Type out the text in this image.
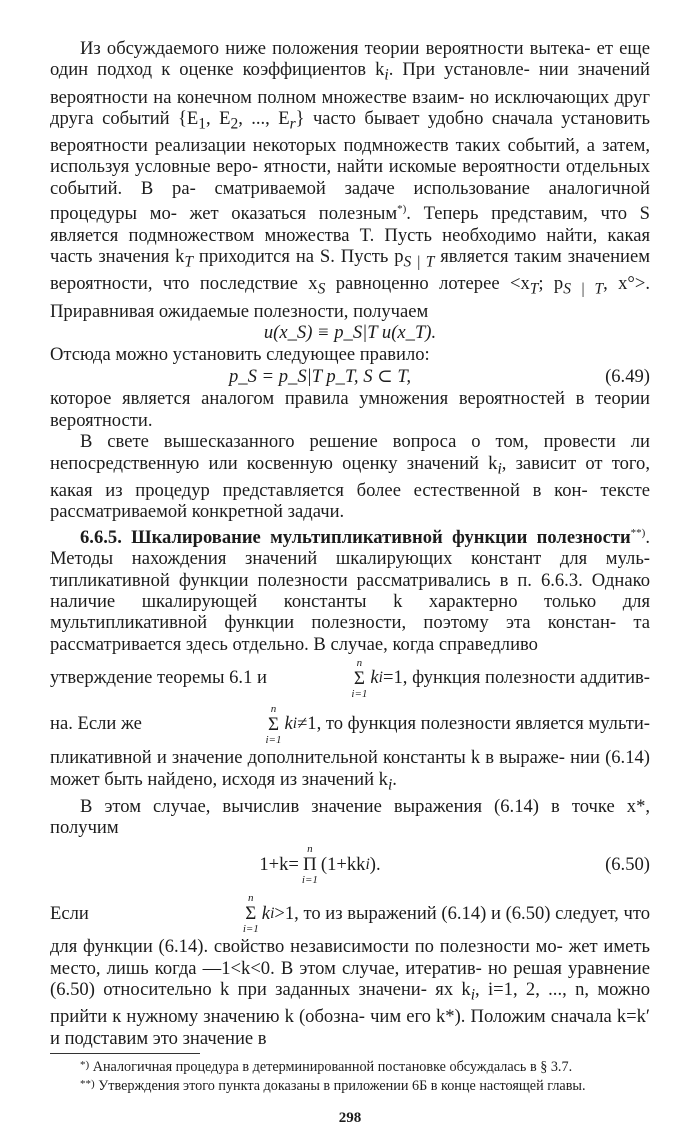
Из обсуждаемого ниже положения теории вероятности вытека- ет еще один подход к оценке коэффициентов $k_i$. При установле- нии значений вероятности на конечном полном множестве взаим- но исключающих друг друга событий {$E_1$, $E_2$, ..., $E_r$} часто бывает удобно сначала установить вероятности реализации некоторых подмножеств таких событий, а затем, используя условные веро- ятности, найти искомые вероятности отдельных событий. В ра- сматриваемой задаче использование аналогичной процедуры мо- жет оказаться полезным*). Теперь представим, что S является подмножеством множества T. Пусть необходимо найти, какая часть значения $k_T$ приходится на S. Пусть $p_{S | T}$ является таким значением вероятности, что последствие $x_S$ равноценно лотерее $<x_T$; $p_{S | T}$, x°>. Приравнивая ожидаемые полезности, получаем

u(x_S) ≡ p_S|T u(x_T).

Отсюда можно установить следующее правило:

p_S = p_S|T p_T, S ⊂ T,	(6.49)

которое является аналогом правила умножения вероятностей в теории вероятности.

В свете вышесказанного решение вопроса о том, провести ли непосредственную или косвенную оценку значений $k_i$, зависит от того, какая из процедур представляется более естественной в кон- тексте рассматриваемой конкретной задачи.

6.6.5. Шкалирование мультипликативной функции полезности**). Методы нахождения значений шкалирующих констант для муль- типликативной функции полезности рассматривались в п. 6.6.3. Однако наличие шкалирующей константы k характерно только для мультипликативной функции полезности, поэтому эта констан- та рассматривается здесь отдельно. В случае, когда справедливо

утверждение теоремы 6.1 и
n
Σ
i=1
k i =1, функция полезности аддитив-
на. Если же
n
Σ
i=1
k i ≠1, то функция полезности является мульти-

пликативной и значение дополнительной константы k в выраже- нии (6.14) может быть найдено, исходя из значений $k_i$.

В этом случае, вычислив значение выражения (6.14) в точке x*, получим

1+k=
n
Π
i=1
(1+kk i ).	(6.50)
Если
n
Σ
i=1
k i >1, то из выражений (6.14) и (6.50) следует, что

для функции (6.14). свойство независимости по полезности мо- жет иметь место, лишь когда —1<k<0. В этом случае, итератив- но решая уравнение (6.50) относительно k при заданных значени- ях $k_i$, i=1, 2, ..., n, можно прийти к нужному значению k (обозна- чим его k*). Положим сначала k=k′ и подставим это значение в

*) Аналогичная процедура в детерминированной постановке обсуждалась в § 3.7.

**) Утверждения этого пункта доказаны в приложении 6Б в конце настоящей главы.

298
